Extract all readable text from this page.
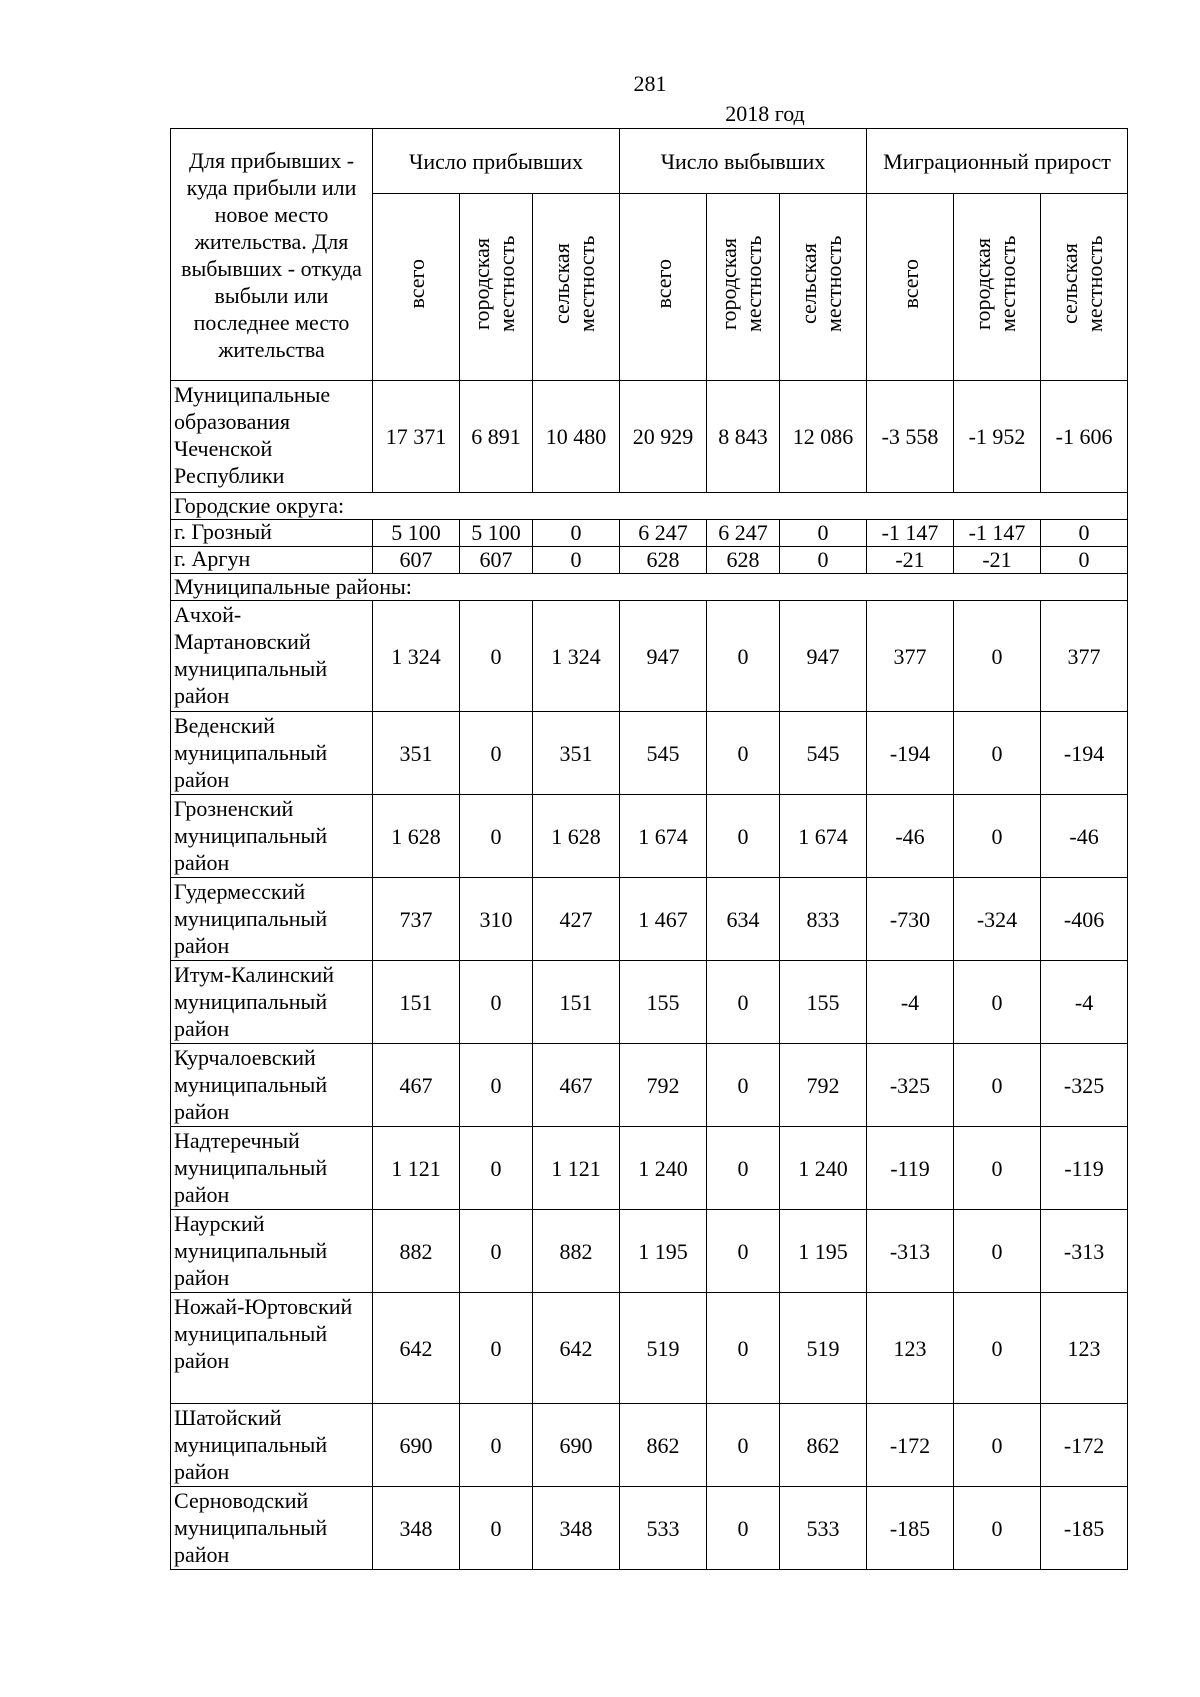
281
2018 год
Для прибывших - куда прибыли или новое место жительства. Для выбывших - откуда выбыли или последнее место жительства	Число прибывших			Число выбывших			Миграционный прирост		
	всего	городская местность	сельская местность	всего	городская местность	сельская местность	всего	городская местность	сельская местность
Муниципальные образования Чеченской Республики	17 371	6 891	10 480	20 929	8 843	12 086	-3 558	-1 952	-1 606
Городские округа:									
г. Грозный	5 100	5 100	0	6 247	6 247	0	-1 147	-1 147	0
г. Аргун	607	607	0	628	628	0	-21	-21	0
Муниципальные районы:									
Ачхой-Мартановский муниципальный район	1 324	0	1 324	947	0	947	377	0	377
Веденский муниципальный район	351	0	351	545	0	545	-194	0	-194
Грозненский муниципальный район	1 628	0	1 628	1 674	0	1 674	-46	0	-46
Гудермесский муниципальный район	737	310	427	1 467	634	833	-730	-324	-406
Итум-Калинский муниципальный район	151	0	151	155	0	155	-4	0	-4
Курчалоевский муниципальный район	467	0	467	792	0	792	-325	0	-325
Надтеречный муниципальный район	1 121	0	1 121	1 240	0	1 240	-119	0	-119
Наурский муниципальный район	882	0	882	1 195	0	1 195	-313	0	-313
Ножай-Юртовский муниципальный район	642	0	642	519	0	519	123	0	123
Шатойский муниципальный район	690	0	690	862	0	862	-172	0	-172
Серноводский муниципальный район	348	0	348	533	0	533	-185	0	-185
